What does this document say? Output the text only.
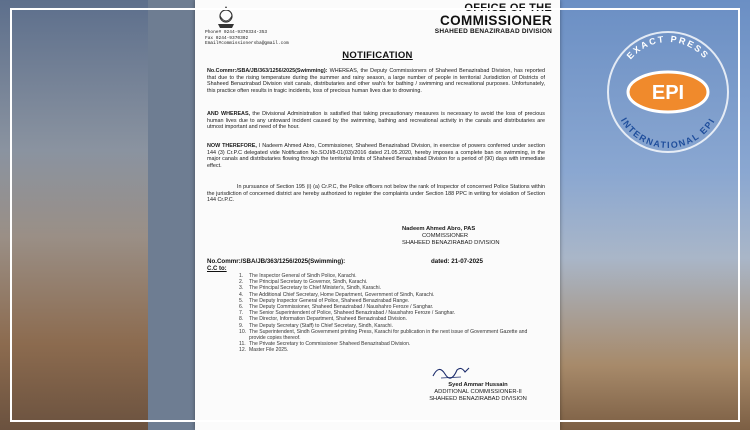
Phone# 0244-9370334-353
Fax 0244-9370302
Email#commissionersba@gmail.com
OFFICE OF THE
COMMISSIONER
SHAHEED BENAZIRABAD DIVISION
NOTIFICATION
No.Commr:/SBA/JB/363/1256/2025(Swimming): WHEREAS, the Deputy Commissioners of Shaheed Benazirabad Division, has reported that due to the rising temperature during the summer and rainy season, a large number of people in territorial Jurisdiction of Districts of Shaheed Benazirabad Division visit canals, distributaries and other wah's for bathing / swimming and recreational purposes. Unfortunately, this practice often results in tragic incidents, loss of precious human lives due to drowning.
AND WHEREAS, the Divisional Administration is satisfied that taking precautionary measures is necessary to avoid the loss of precious human lives due to any untoward incident caused by the swimming, bathing and recreational activity in the canals and distributaries are utmost important and need of the hour.
NOW THEREFORE, I Nadeem Ahmed Abro, Commissioner, Shaheed Benazirabad Division, in exercise of powers conferred under section 144 (3) Cr.P.C delegated vide Notification No.SOJI/8-01(03)/2016 dated 21.05.2020, hereby imposes a complete ban on swimming, in the major canals and distributaries flowing through the territorial limits of Shaheed Benazirabad Division for a period of (90) days with immediate effect.
In pursuance of Section 195 (i) (a) Cr.P.C, the Police officers not below the rank of Inspector of concerned Police Stations within the jurisdiction of concerned district are hereby authorized to register the complaints under Section 188 PPC in writing for violation of Section 144 Cr.P.C.
Nadeem Ahmed Abro, PAS
COMMISSIONER
SHAHEED BENAZIRABAD DIVISION
No.Commr:/SBA/JB/363/1256/2025(Swimming):	dated: 21-07-2025
C.C to:
1.	The Inspector General of Sindh Police, Karachi.
2.	The Principal Secretary to Governor, Sindh, Karachi.
3.	The Principal Secretary to Chief Minister's, Sindh, Karachi.
4.	The Additional Chief Secretary, Home Department, Government of Sindh, Karachi.
5.	The Deputy Inspector General of Police, Shaheed Benazirabad Range.
6.	The Deputy Commissioner, Shaheed Benazirabad / Naushahro Feroze / Sanghar.
7.	The Senior Superintendent of Police, Shaheed Benazirabad / Naushahro Feroze / Sanghar.
8.	The Director, Information Department, Shaheed Benazirabad Division.
9.	The Deputy Secretary (Staff) to Chief Secretary, Sindh, Karachi.
10. The Superintendent, Sindh Government printing Press, Karachi for publication in the next issue of Government Gazette and provide copies thereof.
11. The Private Secretary to Commissioner Shaheed Benazirabad Division.
12. Master File 2025.
Syed Ammar Hussain
ADDITIONAL COMMISSIONER-II
SHAHEED BENAZIRABAD DIVISION
EPI
EXACT PRESS
INTERNATIONAL EPI
